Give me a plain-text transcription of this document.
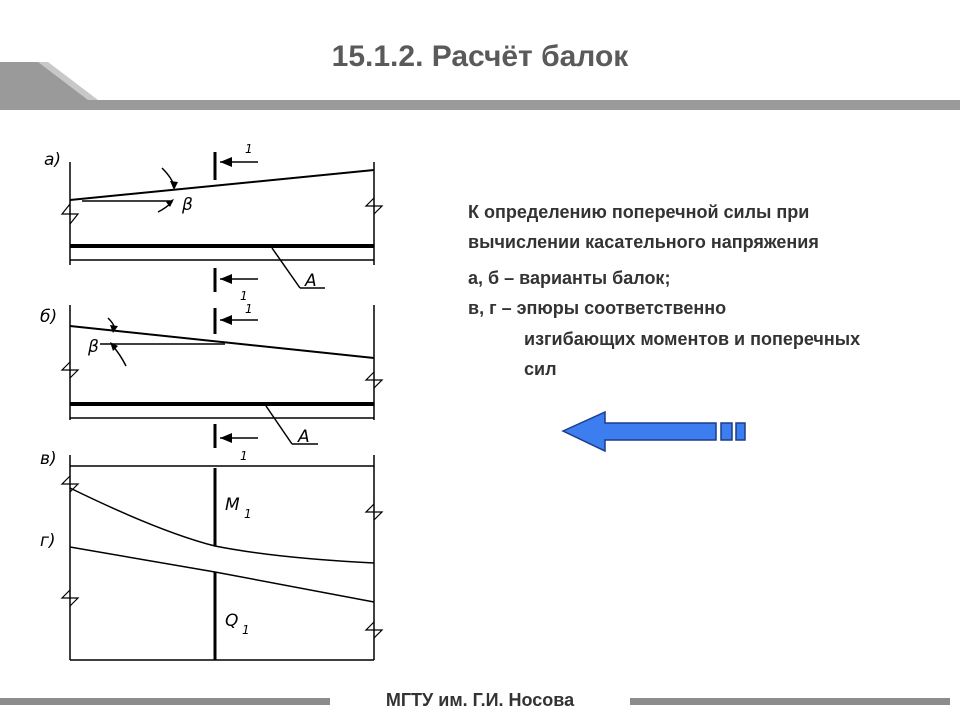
15.1.2. Расчёт балок
а)
1
1
β
A
б)	1
1
β
A
в)
г)
M 1
Q 1
К определению поперечной силы при
вычислении касательного напряжения
а, б – варианты балок;
в, г – эпюры соответственно
изгибающих моментов и поперечных
сил
МГТУ им. Г.И. Носова
